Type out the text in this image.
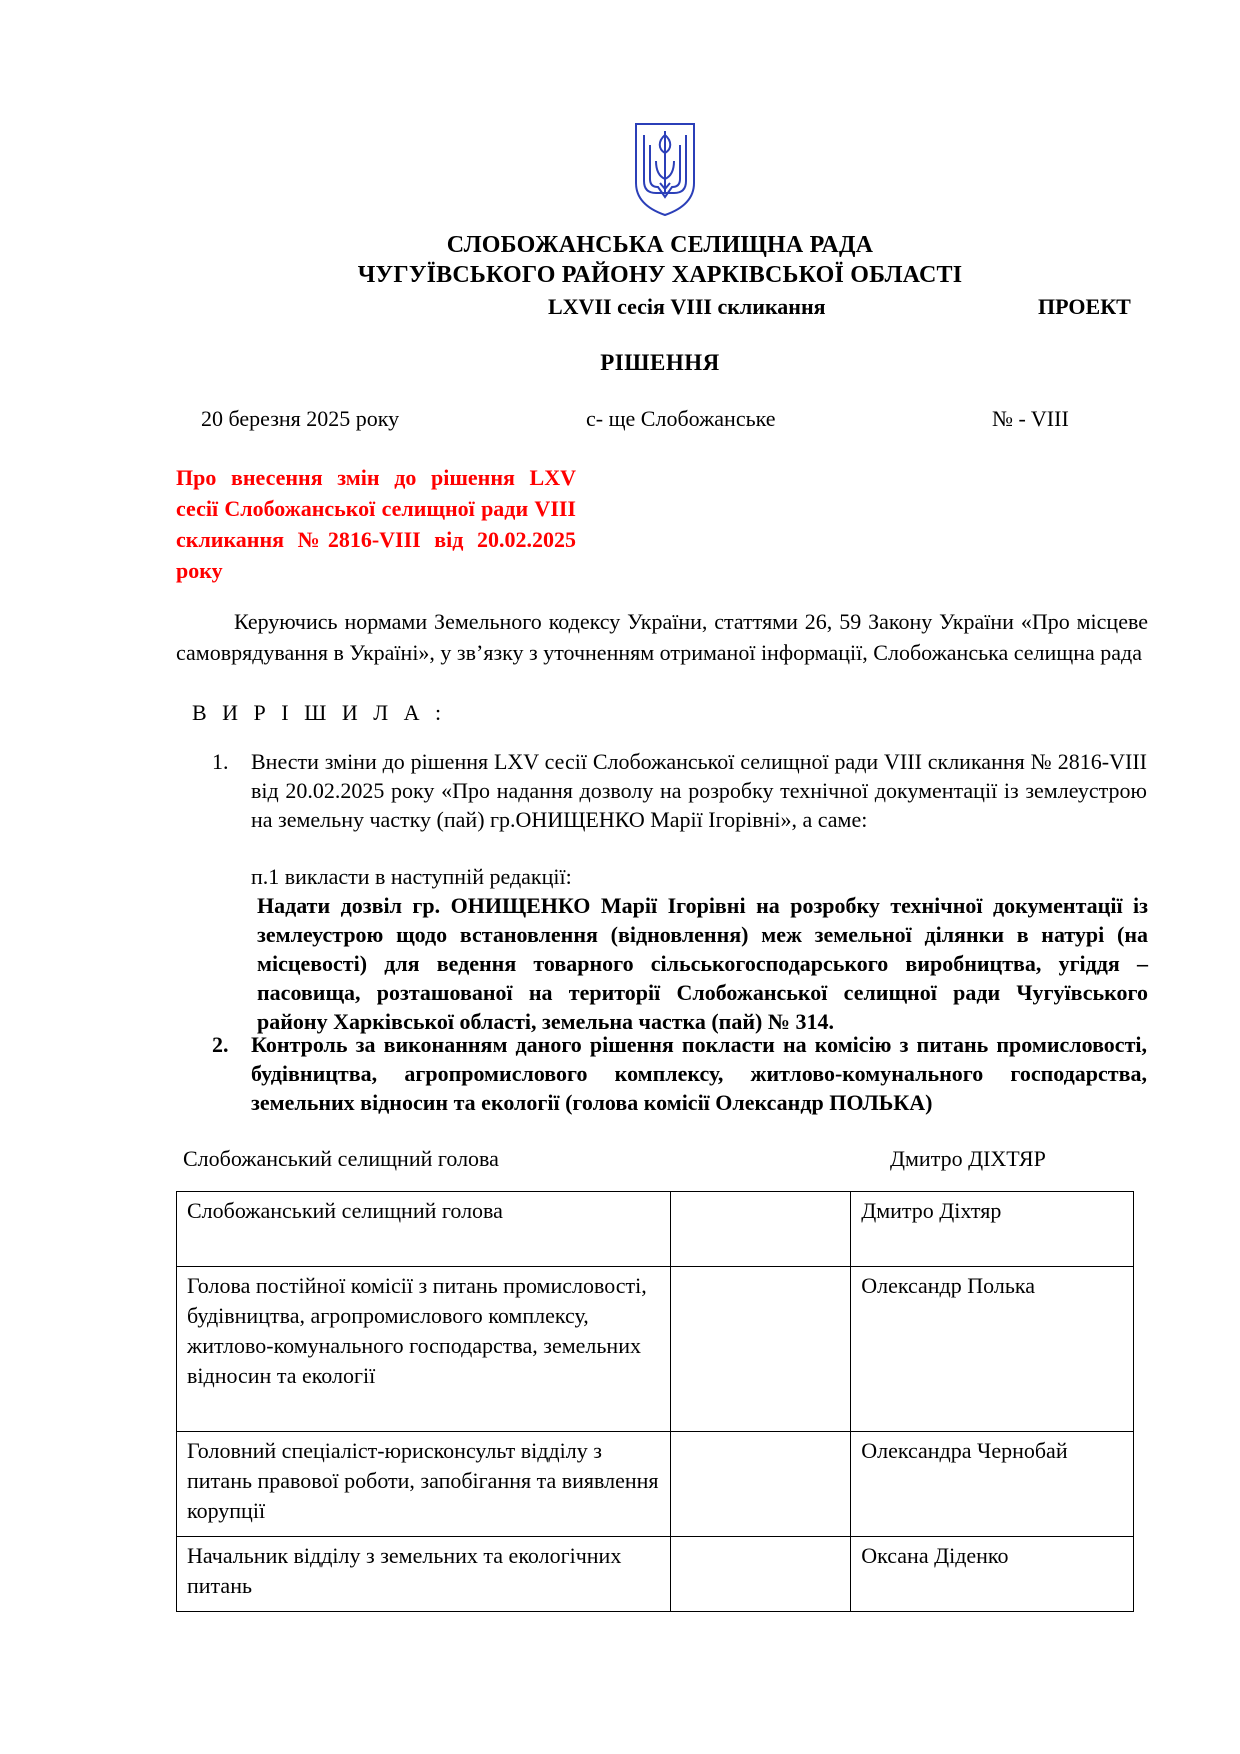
СЛОБОЖАНСЬКА СЕЛИЩНА РАДА
ЧУГУЇВСЬКОГО РАЙОНУ ХАРКІВСЬКОЇ ОБЛАСТІ
LXVII сесія VIII скликання	ПРОЕКТ
РІШЕННЯ
20 березня 2025 року	с- ще Слобожанське	№ - VIII
Про внесення змін до рішення LXV сесії Слобожанської селищної ради VIII скликання №2816-VIII від 20.02.2025 року
Керуючись нормами Земельного кодексу України, статтями 26, 59 Закону України «Про місцеве самоврядування в Україні», у зв’язку з уточненням отриманої інформації, Слобожанська селищна рада
В И Р І Ш И Л А :
1. Внести зміни до рішення LXV сесії Слобожанської селищної ради VIII скликання № 2816-VIII від 20.02.2025 року «Про надання дозволу на розробку технічної документації із землеустрою на земельну частку (пай) гр.ОНИЩЕНКО Марії Ігорівні», а саме:
п.1 викласти в наступній редакції:
Надати дозвіл гр. ОНИЩЕНКО Марії Ігорівні на розробку технічної документації із землеустрою щодо встановлення (відновлення) меж земельної ділянки в натурі (на місцевості) для ведення товарного сільськогосподарського виробництва, угіддя – пасовища, розташованої на території Слобожанської селищної ради Чугуївського району Харківської області, земельна частка (пай) № 314.
2. Контроль за виконанням даного рішення покласти на комісію з питань промисловості, будівництва, агропромислового комплексу, житлово-комунального господарства, земельних відносин та екології (голова комісії Олександр ПОЛЬКА)
Слобожанський селищний голова	Дмитро ДІХТЯР
Слобожанський селищний голова		Дмитро Діхтяр
Голова постійної комісії з питань промисловості, будівництва, агропромислового комплексу, житлово-комунального господарства, земельних відносин та екології		Олександр Полька
Головний спеціаліст-юрисконсульт відділу з питань правової роботи, запобігання та виявлення корупції		Олександра Чернобай
Начальник відділу з земельних та екологічних питань		Оксана Діденко
